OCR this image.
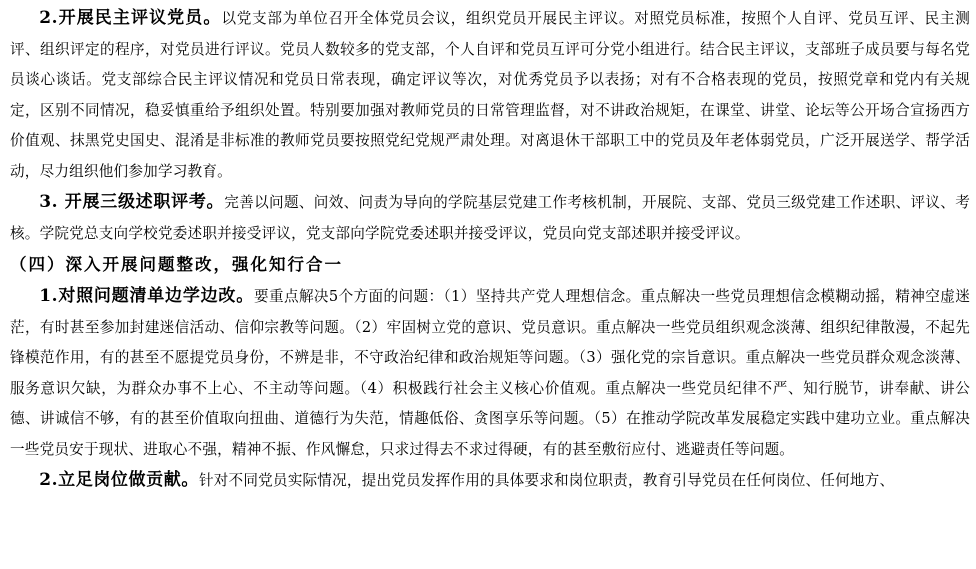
2.开展民主评议党员。以党支部为单位召开全体党员会议，组织党员开展民主评议。对照党员标准，按照个人自评、党员互评、民主测评、组织评定的程序，对党员进行评议。党员人数较多的党支部，个人自评和党员互评可分党小组进行。结合民主评议，支部班子成员要与每名党员谈心谈话。党支部综合民主评议情况和党员日常表现，确定评议等次，对优秀党员予以表扬；对有不合格表现的党员，按照党章和党内有关规定，区别不同情况，稳妥慎重给予组织处置。特别要加强对教师党员的日常管理监督，对不讲政治规矩，在课堂、讲堂、论坛等公开场合宣扬西方价值观、抹黑党史国史、混淆是非标准的教师党员要按照党纪党规严肃处理。对离退休干部职工中的党员及年老体弱党员，广泛开展送学、帮学活动，尽力组织他们参加学习教育。

3. 开展三级述职评考。完善以问题、问效、问责为导向的学院基层党建工作考核机制，开展院、支部、党员三级党建工作述职、评议、考核。学院党总支向学校党委述职并接受评议，党支部向学院党委述职并接受评议，党员向党支部述职并接受评议。

（四）深入开展问题整改，强化知行合一

1.对照问题清单边学边改。要重点解决5个方面的问题：（1）坚持共产党人理想信念。重点解决一些党员理想信念模糊动摇，精神空虚迷茫，有时甚至参加封建迷信活动、信仰宗教等问题。（2）牢固树立党的意识、党员意识。重点解决一些党员组织观念淡薄、组织纪律散漫，不起先锋模范作用，有的甚至不愿提党员身份，不辨是非，不守政治纪律和政治规矩等问题。（3）强化党的宗旨意识。重点解决一些党员群众观念淡薄、服务意识欠缺，为群众办事不上心、不主动等问题。（4）积极践行社会主义核心价值观。重点解决一些党员纪律不严、知行脱节，讲奉献、讲公德、讲诚信不够，有的甚至价值取向扭曲、道德行为失范，情趣低俗、贪图享乐等问题。（5）在推动学院改革发展稳定实践中建功立业。重点解决一些党员安于现状、进取心不强，精神不振、作风懈怠，只求过得去不求过得硬，有的甚至敷衍应付、逃避责任等问题。

2.立足岗位做贡献。针对不同党员实际情况，提出党员发挥作用的具体要求和岗位职责，教育引导党员在任何岗位、任何地方、
